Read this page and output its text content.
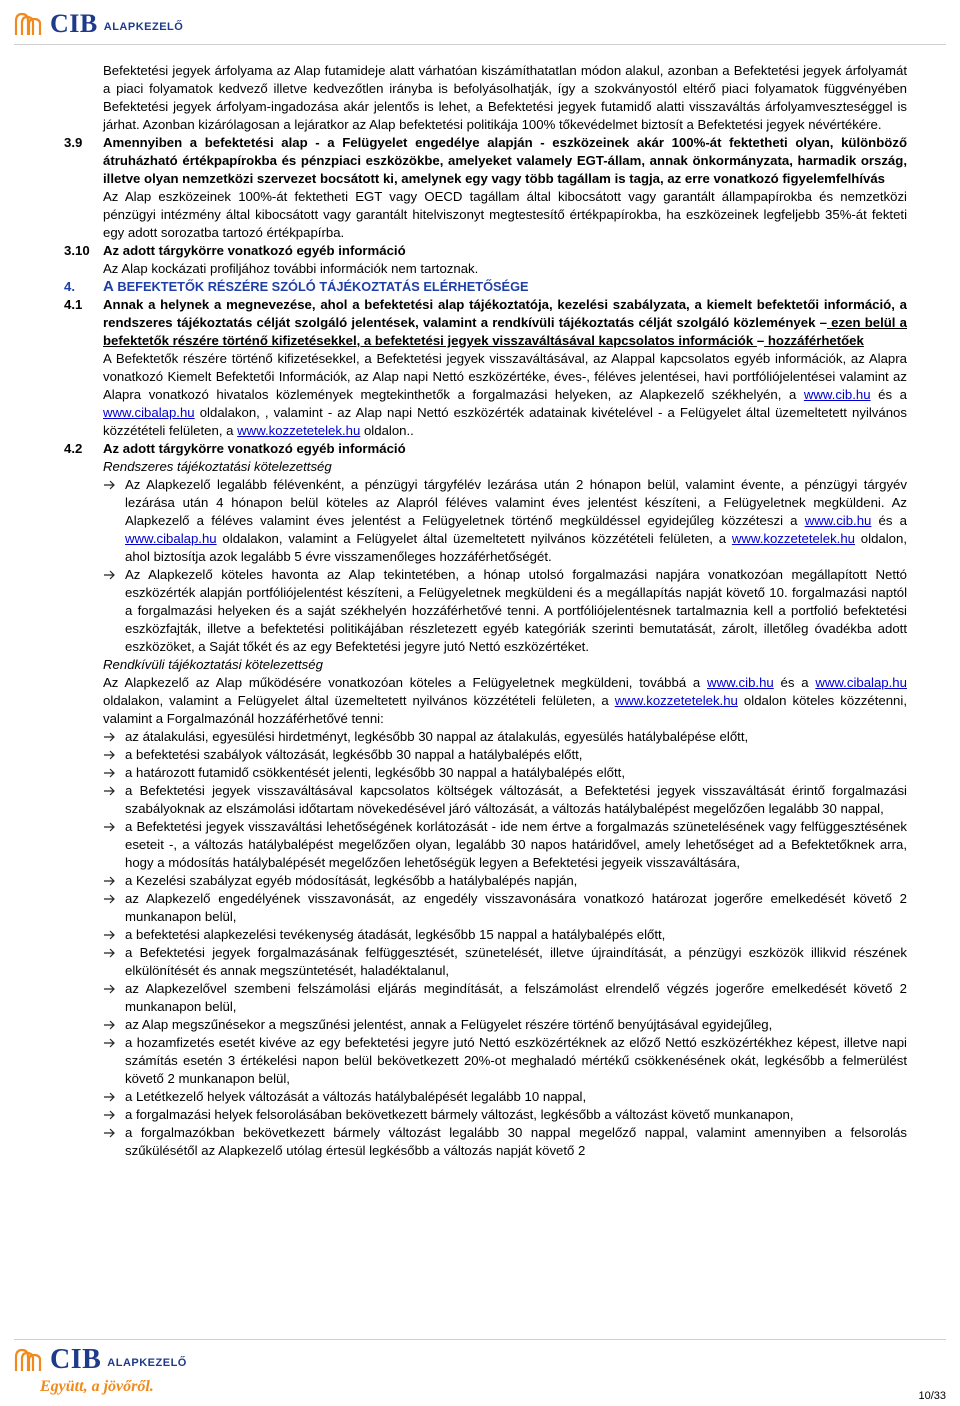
CIB ALAPKEZELŐ

Befektetési jegyek árfolyama az Alap futamideje alatt várhatóan kiszámíthatatlan módon alakul, azonban a Befektetési jegyek árfolyamát a piaci folyamatok kedvező illetve kedvezőtlen irányba is befolyásolhatják, így a szokványostól eltérő piaci folyamatok függvényében Befektetési jegyek árfolyam-ingadozása akár jelentős is lehet, a Befektetési jegyek futamidő alatti visszaváltás árfolyamveszteséggel is járhat. Azonban kizárólagosan a lejáratkor az Alap befektetési politikája 100% tőkevédelmet biztosít a Befektetési jegyek névértékére.

3.9	Amennyiben a befektetési alap - a Felügyelet engedélye alapján - eszközeinek akár 100%-át fektetheti olyan, különböző átruházható értékpapírokba és pénzpiaci eszközökbe, amelyeket valamely EGT-állam, annak önkormányzata, harmadik ország, illetve olyan nemzetközi szervezet bocsátott ki, amelynek egy vagy több tagállam is tagja, az erre vonatkozó figyelemfelhívás

Az Alap eszközeinek 100%-át fektetheti EGT vagy OECD tagállam által kibocsátott vagy garantált állampapírokba és nemzetközi pénzügyi intézmény által kibocsátott vagy garantált hitelviszonyt megtestesítő értékpapírokba, ha eszközeinek legfeljebb 35%-át fekteti egy adott sorozatba tartozó értékpapírba.

3.10	Az adott tárgykörre vonatkozó egyéb információ

Az Alap kockázati profiljához további információk nem tartoznak.

4.	A BEFEKTETŐK RÉSZÉRE SZÓLÓ TÁJÉKOZTATÁS ELÉRHETŐSÉGE
4.1	Annak a helynek a megnevezése, ahol a befektetési alap tájékoztatója, kezelési szabályzata, a kiemelt befektetői információ, a rendszeres tájékoztatás célját szolgáló jelentések, valamint a rendkívüli tájékoztatás célját szolgáló közlemények – ezen belül a befektetők részére történő kifizetésekkel, a befektetési jegyek visszaváltásával kapcsolatos információk – hozzáférhetőek

A Befektetők részére történő kifizetésekkel, a Befektetési jegyek visszaváltásával, az Alappal kapcsolatos egyéb információk, az Alapra vonatkozó Kiemelt Befektetői Információk, az Alap napi Nettó eszközértéke, éves-, féléves jelentései, havi portfóliójelentései valamint az Alapra vonatkozó hivatalos közlemények megtekinthetők a forgalmazási helyeken, az Alapkezelő székhelyén, a www.cib.hu és a www.cibalap.hu oldalakon, , valamint - az Alap napi Nettó eszközérték adatainak kivételével - a Felügyelet által üzemeltetett nyilvános közzétételi felületen, a www.kozzetetelek.hu oldalon..

4.2	Az adott tárgykörre vonatkozó egyéb információ

Rendszeres tájékoztatási kötelezettség

Az Alapkezelő legalább félévenként, a pénzügyi tárgyfélév lezárása után 2 hónapon belül, valamint évente, a pénzügyi tárgyév lezárása után 4 hónapon belül köteles az Alapról féléves valamint éves jelentést készíteni, a Felügyeletnek megküldeni. Az Alapkezelő a féléves valamint éves jelentést a Felügyeletnek történő megküldéssel egyidejűleg közzéteszi a www.cib.hu és a www.cibalap.hu oldalakon, valamint a Felügyelet által üzemeltetett nyilvános közzétételi felületen, a www.kozzetetelek.hu oldalon, ahol biztosítja azok legalább 5 évre visszamenőleges hozzáférhetőségét.
Az Alapkezelő köteles havonta az Alap tekintetében, a hónap utolsó forgalmazási napjára vonatkozóan megállapított Nettó eszközérték alapján portfóliójelentést készíteni, a Felügyeletnek megküldeni és a megállapítás napját követő 10. forgalmazási naptól a forgalmazási helyeken és a saját székhelyén hozzáférhetővé tenni. A portfóliójelentésnek tartalmaznia kell a portfolió befektetési eszközfajták, illetve a befektetési politikájában részletezett egyéb kategóriák szerinti bemutatását, zárolt, illetőleg óvadékba adott eszközöket, a Saját tőkét és az egy Befektetési jegyre jutó Nettó eszközértéket.

Rendkívüli tájékoztatási kötelezettség

Az Alapkezelő az Alap működésére vonatkozóan köteles a Felügyeletnek megküldeni, továbbá a www.cib.hu és a www.cibalap.hu oldalakon, valamint a Felügyelet által üzemeltetett nyilvános közzétételi felületen, a www.kozzetetelek.hu oldalon köteles közzétenni, valamint a Forgalmazónál hozzáférhetővé tenni:

az átalakulási, egyesülési hirdetményt, legkésőbb 30 nappal az átalakulás, egyesülés hatálybalépése előtt,
a befektetési szabályok változását, legkésőbb 30 nappal a hatálybalépés előtt,
a határozott futamidő csökkentését jelenti, legkésőbb 30 nappal a hatálybalépés előtt,
a Befektetési jegyek visszaváltásával kapcsolatos költségek változását, a Befektetési jegyek visszaváltását érintő forgalmazási szabályoknak az elszámolási időtartam növekedésével járó változását, a változás hatálybalépést megelőzően legalább 30 nappal,
a Befektetési jegyek visszaváltási lehetőségének korlátozását - ide nem értve a forgalmazás szünetelésének vagy felfüggesztésének eseteit -, a változás hatálybalépést megelőzően olyan, legalább 30 napos határidővel, amely lehetőséget ad a Befektetőknek arra, hogy a módosítás hatálybalépését megelőzően lehetőségük legyen a Befektetési jegyeik visszaváltására,
a Kezelési szabályzat egyéb módosítását, legkésőbb a hatálybalépés napján,
az Alapkezelő engedélyének visszavonását, az engedély visszavonására vonatkozó határozat jogerőre emelkedését követő 2 munkanapon belül,
a befektetési alapkezelési tevékenység átadását, legkésőbb 15 nappal a hatálybalépés előtt,
a Befektetési jegyek forgalmazásának felfüggesztését, szünetelését, illetve újraindítását, a pénzügyi eszközök illikvid részének elkülönítését és annak megszüntetését, haladéktalanul,
az Alapkezelővel szembeni felszámolási eljárás megindítását, a felszámolást elrendelő végzés jogerőre emelkedését követő 2 munkanapon belül,
az Alap megszűnésekor a megszűnési jelentést, annak a Felügyelet részére történő benyújtásával egyidejűleg,
a hozamfizetés esetét kivéve az egy befektetési jegyre jutó Nettó eszközértéknek az előző Nettó eszközértékhez képest, illetve napi számítás esetén 3 értékelési napon belül bekövetkezett 20%-ot meghaladó mértékű csökkenésének okát, legkésőbb a felmerülést követő 2 munkanapon belül,
a Letétkezelő helyek változását a változás hatálybalépését legalább 10 nappal,
a forgalmazási helyek felsorolásában bekövetkezett bármely változást, legkésőbb a változást követő munkanapon,
a forgalmazókban bekövetkezett bármely változást legalább 30 nappal megelőző nappal, valamint amennyiben a felsorolás szűkülésétől az Alapkezelő utólag értesül legkésőbb a változás napját követő 2
CIB ALAPKEZELŐ
Együtt, a jövőről.
10/33
